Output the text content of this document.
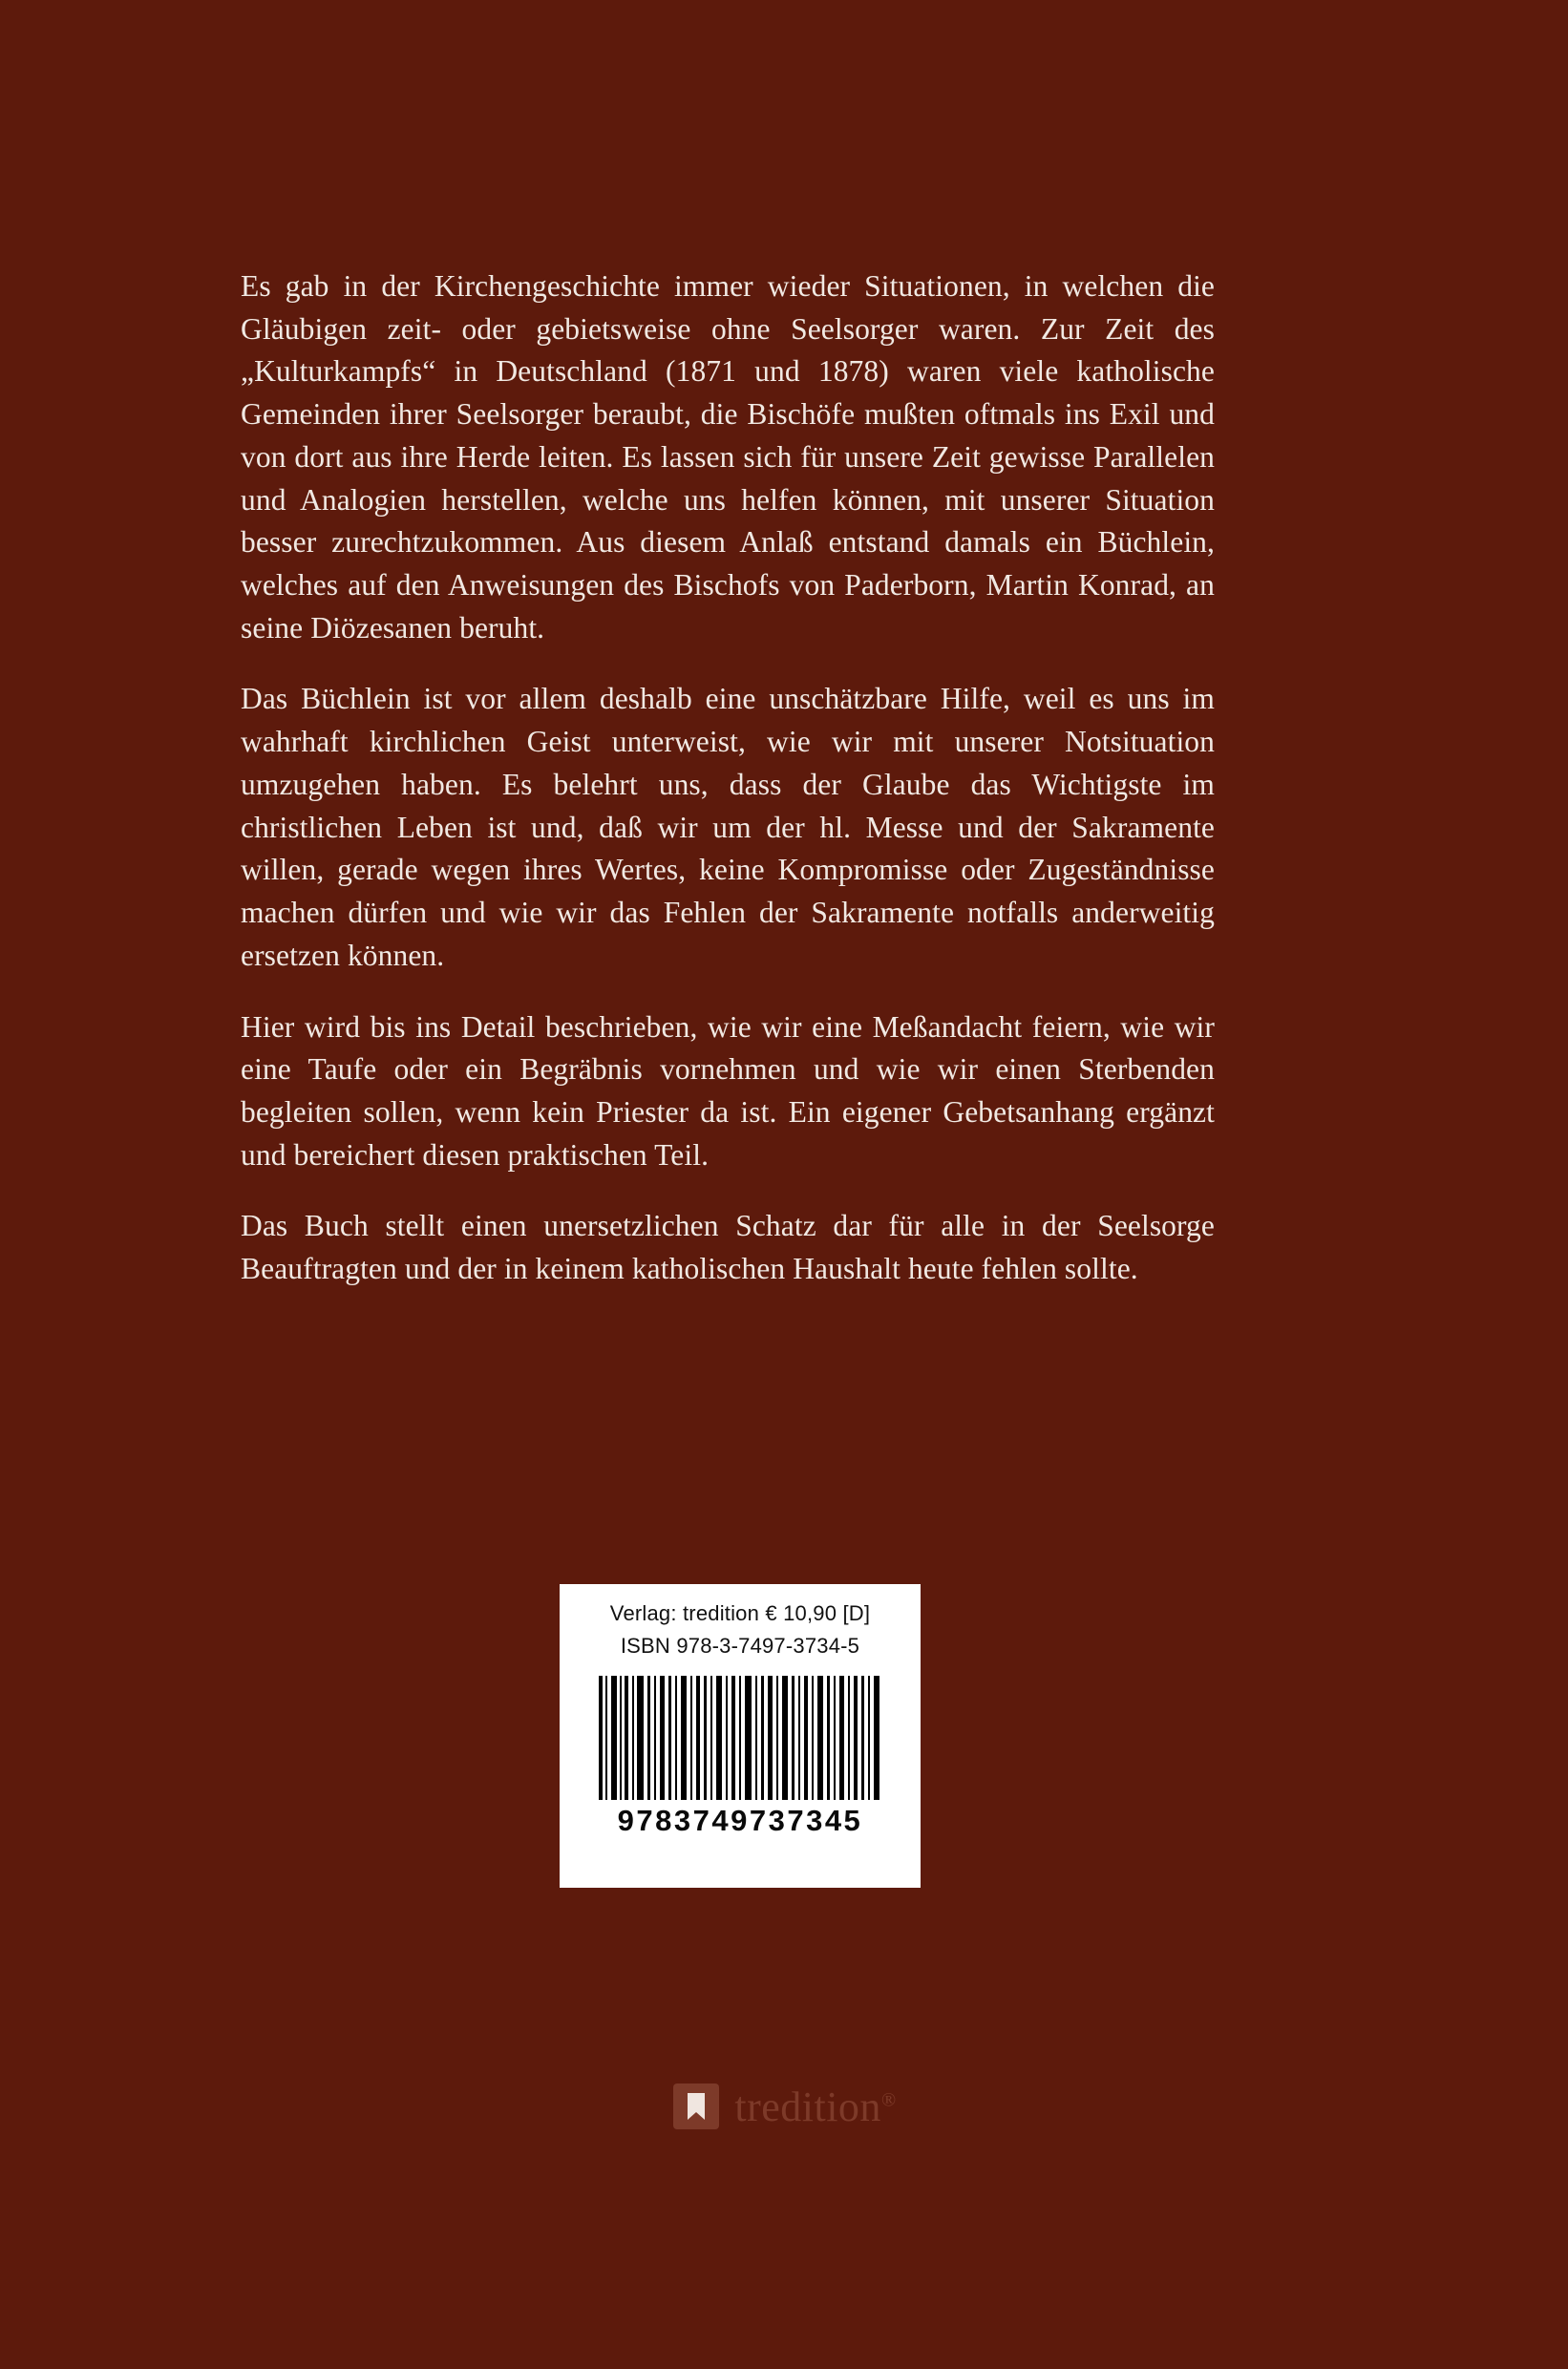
Es gab in der Kirchengeschichte immer wieder Situationen, in welchen die Gläubigen zeit- oder gebietsweise ohne Seelsorger waren. Zur Zeit des „Kulturkampfs“ in Deutschland (1871 und 1878) waren viele katholische Gemeinden ihrer Seelsorger beraubt, die Bischöfe mußten oftmals ins Exil und von dort aus ihre Herde leiten. Es lassen sich für unsere Zeit gewisse Parallelen und Analogien herstellen, welche uns helfen können, mit unserer Situation besser zurechtzukommen. Aus diesem Anlaß entstand damals ein Büchlein, welches auf den Anweisungen des Bischofs von Paderborn, Martin Konrad, an seine Diözesanen beruht.

Das Büchlein ist vor allem deshalb eine unschätzbare Hilfe, weil es uns im wahrhaft kirchlichen Geist unterweist, wie wir mit unserer Notsituation umzugehen haben. Es belehrt uns, dass der Glaube das Wichtigste im christlichen Leben ist und, daß wir um der hl. Messe und der Sakramente willen, gerade wegen ihres Wertes, keine Kompromisse oder Zugeständnisse machen dürfen und wie wir das Fehlen der Sakramente notfalls anderweitig ersetzen können.

Hier wird bis ins Detail beschrieben, wie wir eine Meßandacht feiern, wie wir eine Taufe oder ein Begräbnis vornehmen und wie wir einen Sterbenden begleiten sollen, wenn kein Priester da ist. Ein eigener Gebetsanhang ergänzt und bereichert diesen praktischen Teil.

Das Buch stellt einen unersetzlichen Schatz dar für alle in der Seelsorge Beauftragten und der in keinem katholischen Haushalt heute fehlen sollte.

Verlag: tredition € 10,90 [D]
ISBN 978-3-7497-3734-5
9783749737345
tredition®
